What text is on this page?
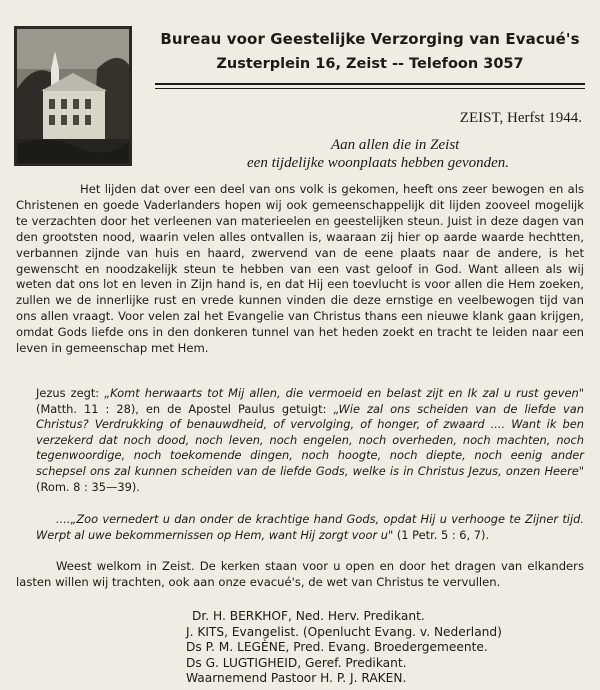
Bureau voor Geestelijke Verzorging van Evacué's
Zusterplein 16, Zeist -- Telefoon 3057
ZEIST, Herfst 1944.
Aan allen die in Zeist
een tijdelijke woonplaats hebben gevonden.
Het lijden dat over een deel van ons volk is gekomen, heeft ons zeer bewogen en als Christenen en goede Vaderlanders hopen wij ook gemeenschappelijk dit lijden zooveel mogelijk te verzachten door het verleenen van materieelen en geestelijken steun. Juist in deze dagen van den grootsten nood, waarin velen alles ontvallen is, waaraan zij hier op aarde waarde hechtten, verbannen zijnde van huis en haard, zwervend van de eene plaats naar de andere, is het gewenscht en noodzakelijk steun te hebben van een vast geloof in God. Want alleen als wij weten dat ons lot en leven in Zijn hand is, en dat Hij een toevlucht is voor allen die Hem zoeken, zullen we de innerlijke rust en vrede kunnen vinden die deze ernstige en veelbewogen tijd van ons allen vraagt. Voor velen zal het Evangelie van Christus thans een nieuwe klank gaan krijgen, omdat Gods liefde ons in den donkeren tunnel van het heden zoekt en tracht te leiden naar een leven in gemeenschap met Hem.
Jezus zegt: „Komt herwaarts tot Mij allen, die vermoeid en belast zijt en Ik zal u rust geven" (Matth. 11 : 28), en de Apostel Paulus getuigt: „Wie zal ons scheiden van de liefde van Christus? Verdrukking of benauwdheid, of vervolging, of honger, of zwaard .... Want ik ben verzekerd dat noch dood, noch leven, noch engelen, noch overheden, noch machten, noch tegenwoordige, noch toekomende dingen, noch hoogte, noch diepte, noch eenig ander schepsel ons zal kunnen scheiden van de liefde Gods, welke is in Christus Jezus, onzen Heere" (Rom. 8 : 35—39).
....„Zoo vernedert u dan onder de krachtige hand Gods, opdat Hij u verhooge te Zijner tijd. Werpt al uwe bekommernissen op Hem, want Hij zorgt voor u" (1 Petr. 5 : 6, 7).
Weest welkom in Zeist. De kerken staan voor u open en door het dragen van elkanders lasten willen wij trachten, ook aan onze evacué's, de wet van Christus te vervullen.
Dr. H. BERKHOF, Ned. Herv. Predikant.
J. KITS, Evangelist. (Openlucht Evang. v. Nederland)
Ds P. M. LEGÈNE, Pred. Evang. Broedergemeente.
Ds G. LUGTIGHEID, Geref. Predikant.
Waarnemend Pastoor H. P. J. RAKEN.
